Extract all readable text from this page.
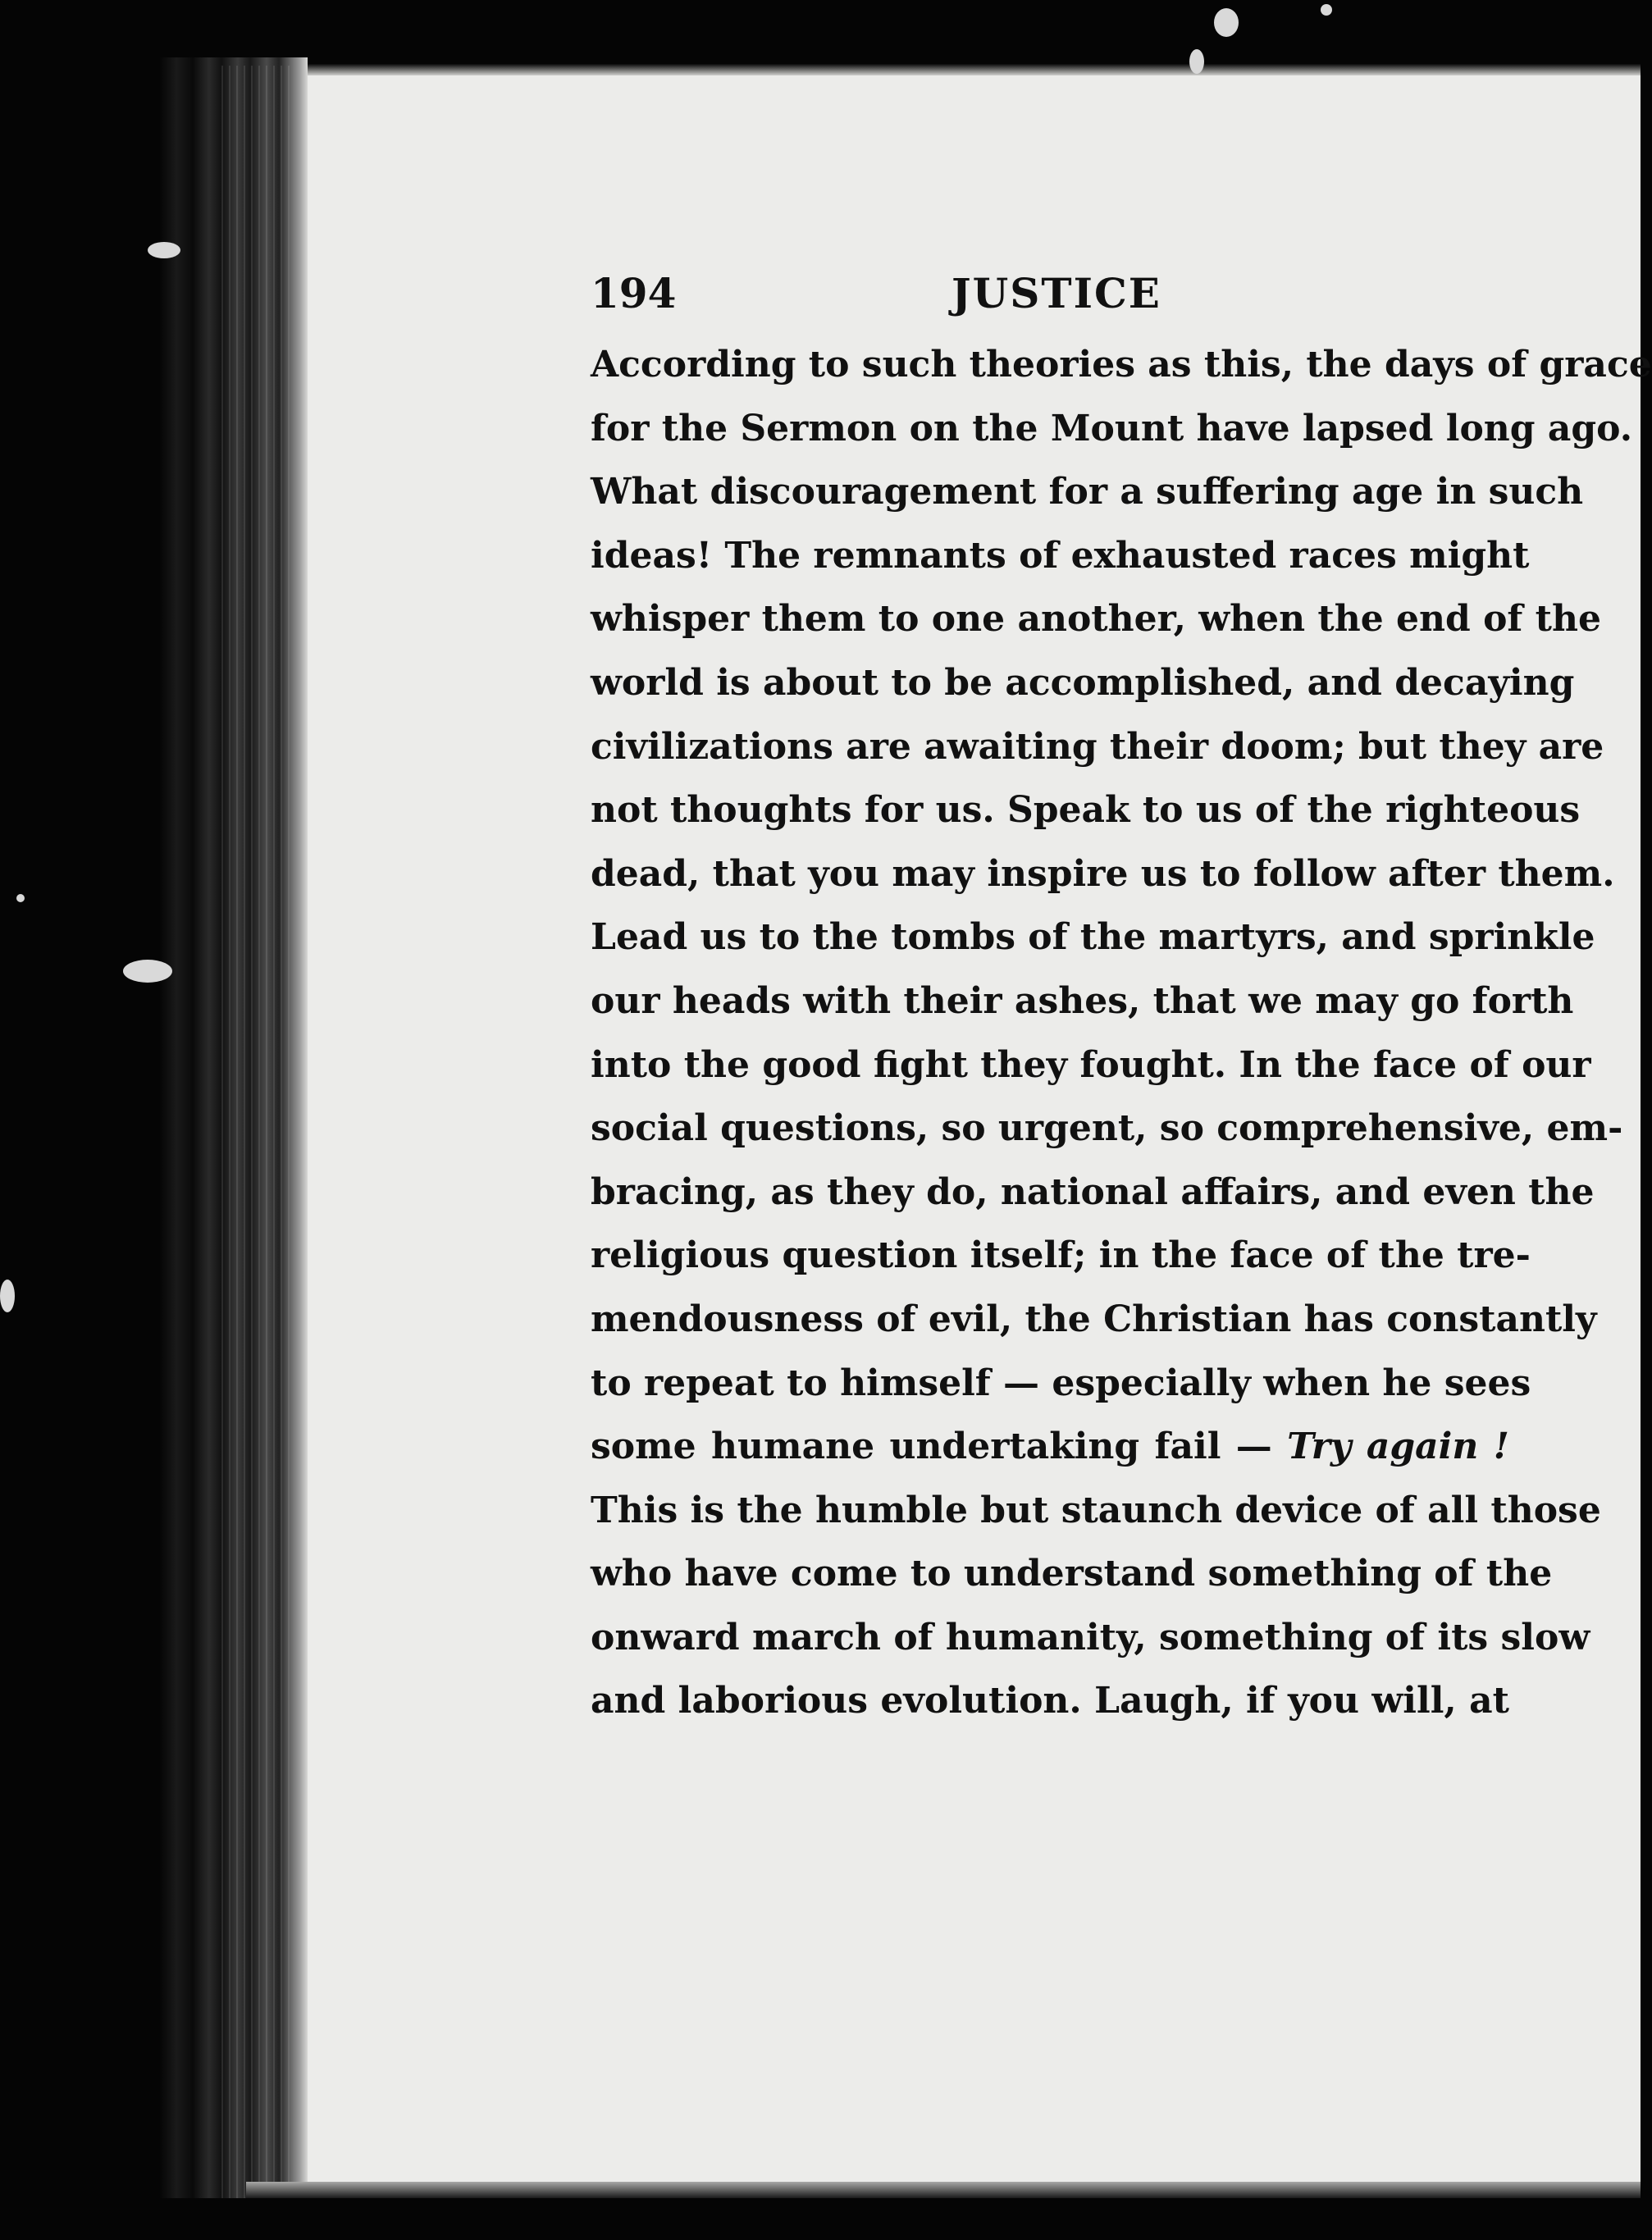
194	JUSTICE
According to such theories as this, the days of grace
for the Sermon on the Mount have lapsed long ago.
What discouragement for a suffering age in such
ideas! The remnants of exhausted races might
whisper them to one another, when the end of the
world is about to be accomplished, and decaying
civilizations are awaiting their doom; but they are
not thoughts for us. Speak to us of the righteous
dead, that you may inspire us to follow after them.
Lead us to the tombs of the martyrs, and sprinkle
our heads with their ashes, that we may go forth
into the good fight they fought. In the face of our
social questions, so urgent, so comprehensive, em-
bracing, as they do, national affairs, and even the
religious question itself; in the face of the tre-
mendousness of evil, the Christian has constantly
to repeat to himself — especially when he sees
some humane undertaking fail — Try again !
This is the humble but staunch device of all those
who have come to understand something of the
onward march of humanity, something of its slow
and laborious evolution. Laugh, if you will, at
